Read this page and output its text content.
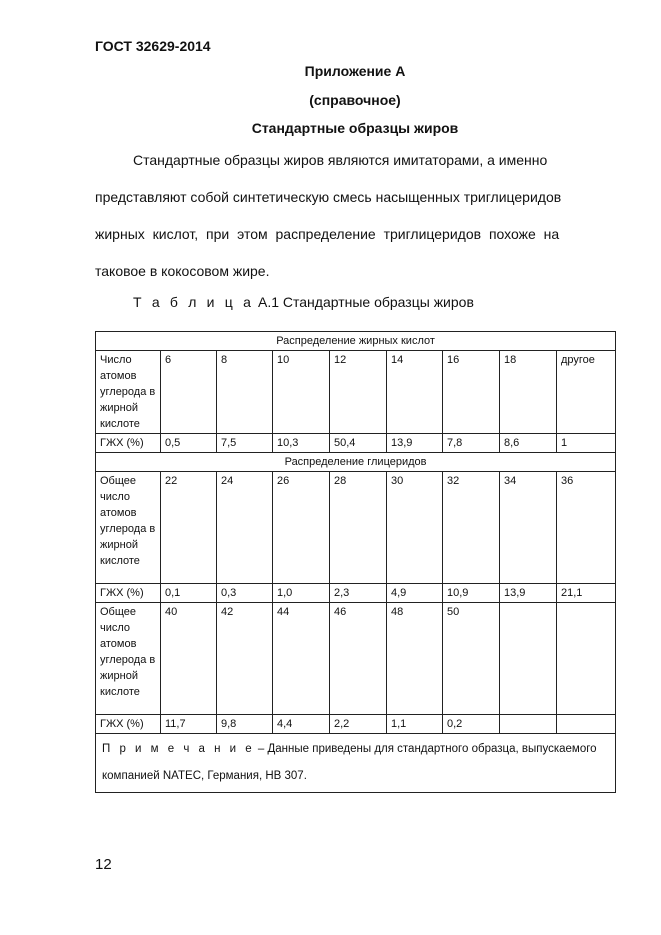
ГОСТ 32629-2014
Приложение А
(справочное)
Стандартные образцы жиров
Стандартные образцы жиров являются имитаторами, а именно
представляют собой синтетическую смесь насыщенных триглицеридов
жирных кислот, при этом распределение триглицеридов похоже на
таковое в кокосовом жире.
Т а б л и ц а А.1 Стандартные образцы жиров
Распределение жирных кислот								
Число атомов углерода в жирной кислоте	6	8	10	12	14	16	18	другое
ГЖХ (%)	0,5	7,5	10,3	50,4	13,9	7,8	8,6	1
Распределение глицеридов								
Общее число атомов углерода в жирной кислоте	22	24	26	28	30	32	34	36
ГЖХ (%)	0,1	0,3	1,0	2,3	4,9	10,9	13,9	21,1
Общее число атомов углерода в жирной кислоте	40	42	44	46	48	50		
ГЖХ (%)	11,7	9,8	4,4	2,2	1,1	0,2		
П р и м е ч а н и е – Данные приведены для стандартного образца, выпускаемого компанией NATEC, Германия, HB 307.								
12
